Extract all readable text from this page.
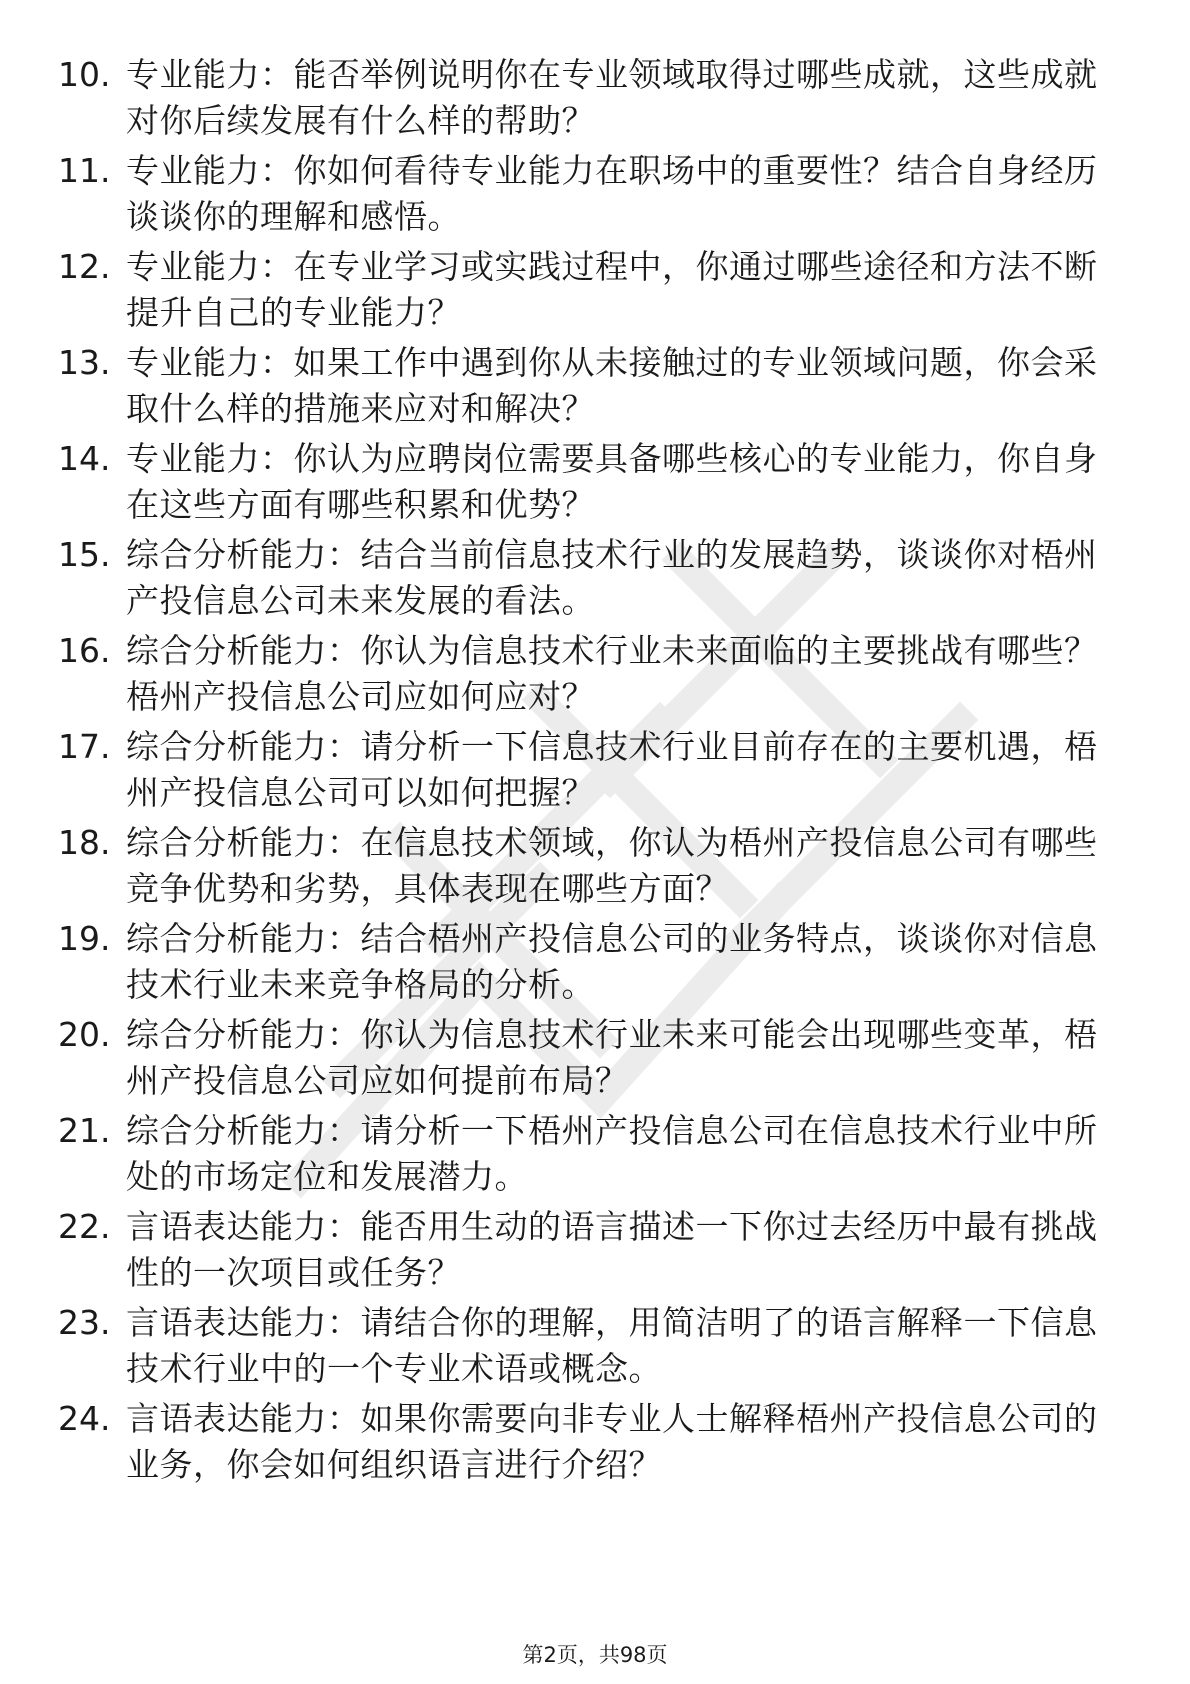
10. 专业能力：能否举例说明你在专业领域取得过哪些成就，这些成就对你后续发展有什么样的帮助？
11. 专业能力：你如何看待专业能力在职场中的重要性？结合自身经历谈谈你的理解和感悟。
12. 专业能力：在专业学习或实践过程中，你通过哪些途径和方法不断提升自己的专业能力？
13. 专业能力：如果工作中遇到你从未接触过的专业领域问题，你会采取什么样的措施来应对和解决？
14. 专业能力：你认为应聘岗位需要具备哪些核心的专业能力，你自身在这些方面有哪些积累和优势？
15. 综合分析能力：结合当前信息技术行业的发展趋势，谈谈你对梧州产投信息公司未来发展的看法。
16. 综合分析能力：你认为信息技术行业未来面临的主要挑战有哪些？梧州产投信息公司应如何应对？
17. 综合分析能力：请分析一下信息技术行业目前存在的主要机遇，梧州产投信息公司可以如何把握？
18. 综合分析能力：在信息技术领域，你认为梧州产投信息公司有哪些竞争优势和劣势，具体表现在哪些方面？
19. 综合分析能力：结合梧州产投信息公司的业务特点，谈谈你对信息技术行业未来竞争格局的分析。
20. 综合分析能力：你认为信息技术行业未来可能会出现哪些变革，梧州产投信息公司应如何提前布局？
21. 综合分析能力：请分析一下梧州产投信息公司在信息技术行业中所处的市场定位和发展潜力。
22. 言语表达能力：能否用生动的语言描述一下你过去经历中最有挑战性的一次项目或任务？
23. 言语表达能力：请结合你的理解，用简洁明了的语言解释一下信息技术行业中的一个专业术语或概念。
24. 言语表达能力：如果你需要向非专业人士解释梧州产投信息公司的业务，你会如何组织语言进行介绍？
第2页，共98页
